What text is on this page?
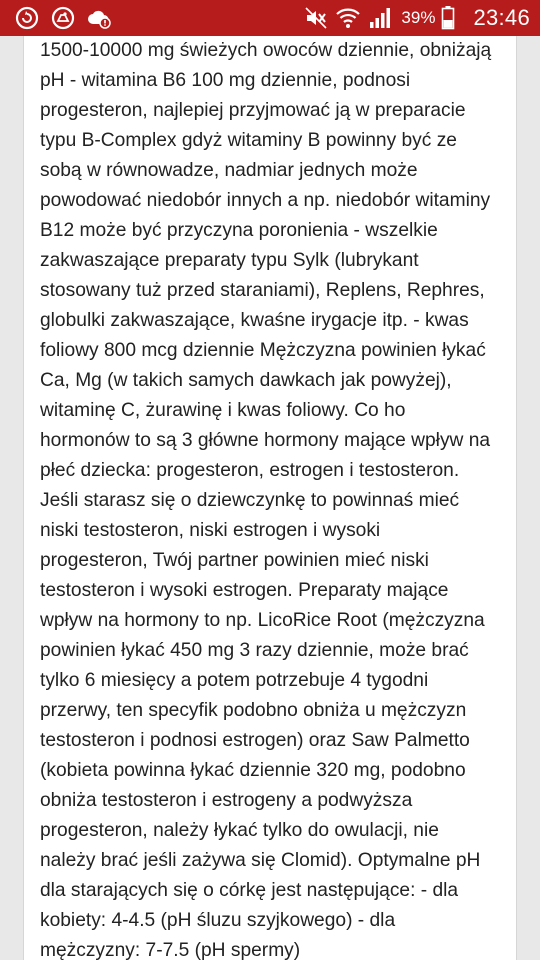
39% 23:46

1500-10000 mg świeżych owoców dziennie, obniżają
pH - witamina B6 100 mg dziennie, podnosi
progesteron, najlepiej przyjmować ją w preparacie
typu B-Complex gdyż witaminy B powinny być ze
sobą w równowadze, nadmiar jednych może
powodować niedobór innych a np. niedobór witaminy
B12 może być przyczyna poronienia - wszelkie
zakwaszające preparaty typu Sylk (lubrykant
stosowany tuż przed staraniami), Replens, Rephres,
globulki zakwaszające, kwaśne irygacje itp. - kwas
foliowy 800 mcg dziennie Mężczyzna powinien łykać
Ca, Mg (w takich samych dawkach jak powyżej),
witaminę C, żurawinę i kwas foliowy. Co ho
hormonów to są 3 główne hormony mające wpływ na
płeć dziecka: progesteron, estrogen i testosteron.
Jeśli starasz się o dziewczynkę to powinnaś mieć
niski testosteron, niski estrogen i wysoki
progesteron, Twój partner powinien mieć niski
testosteron i wysoki estrogen. Preparaty mające
wpływ na hormony to np. LicoRice Root (mężczyzna
powinien łykać 450 mg 3 razy dziennie, może brać
tylko 6 miesięcy a potem potrzebuje 4 tygodni
przerwy, ten specyfik podobno obniża u mężczyzn
testosteron i podnosi estrogen) oraz Saw Palmetto
(kobieta powinna łykać dziennie 320 mg, podobno
obniża testosteron i estrogeny a podwyższa
progesteron, należy łykać tylko do owulacji, nie
należy brać jeśli zażywa się Clomid). Optymalne pH
dla starających się o córkę jest następujące: - dla
kobiety: 4-4.5 (pH śluzu szyjkowego) - dla
mężczyzny: 7-7.5 (pH spermy)
